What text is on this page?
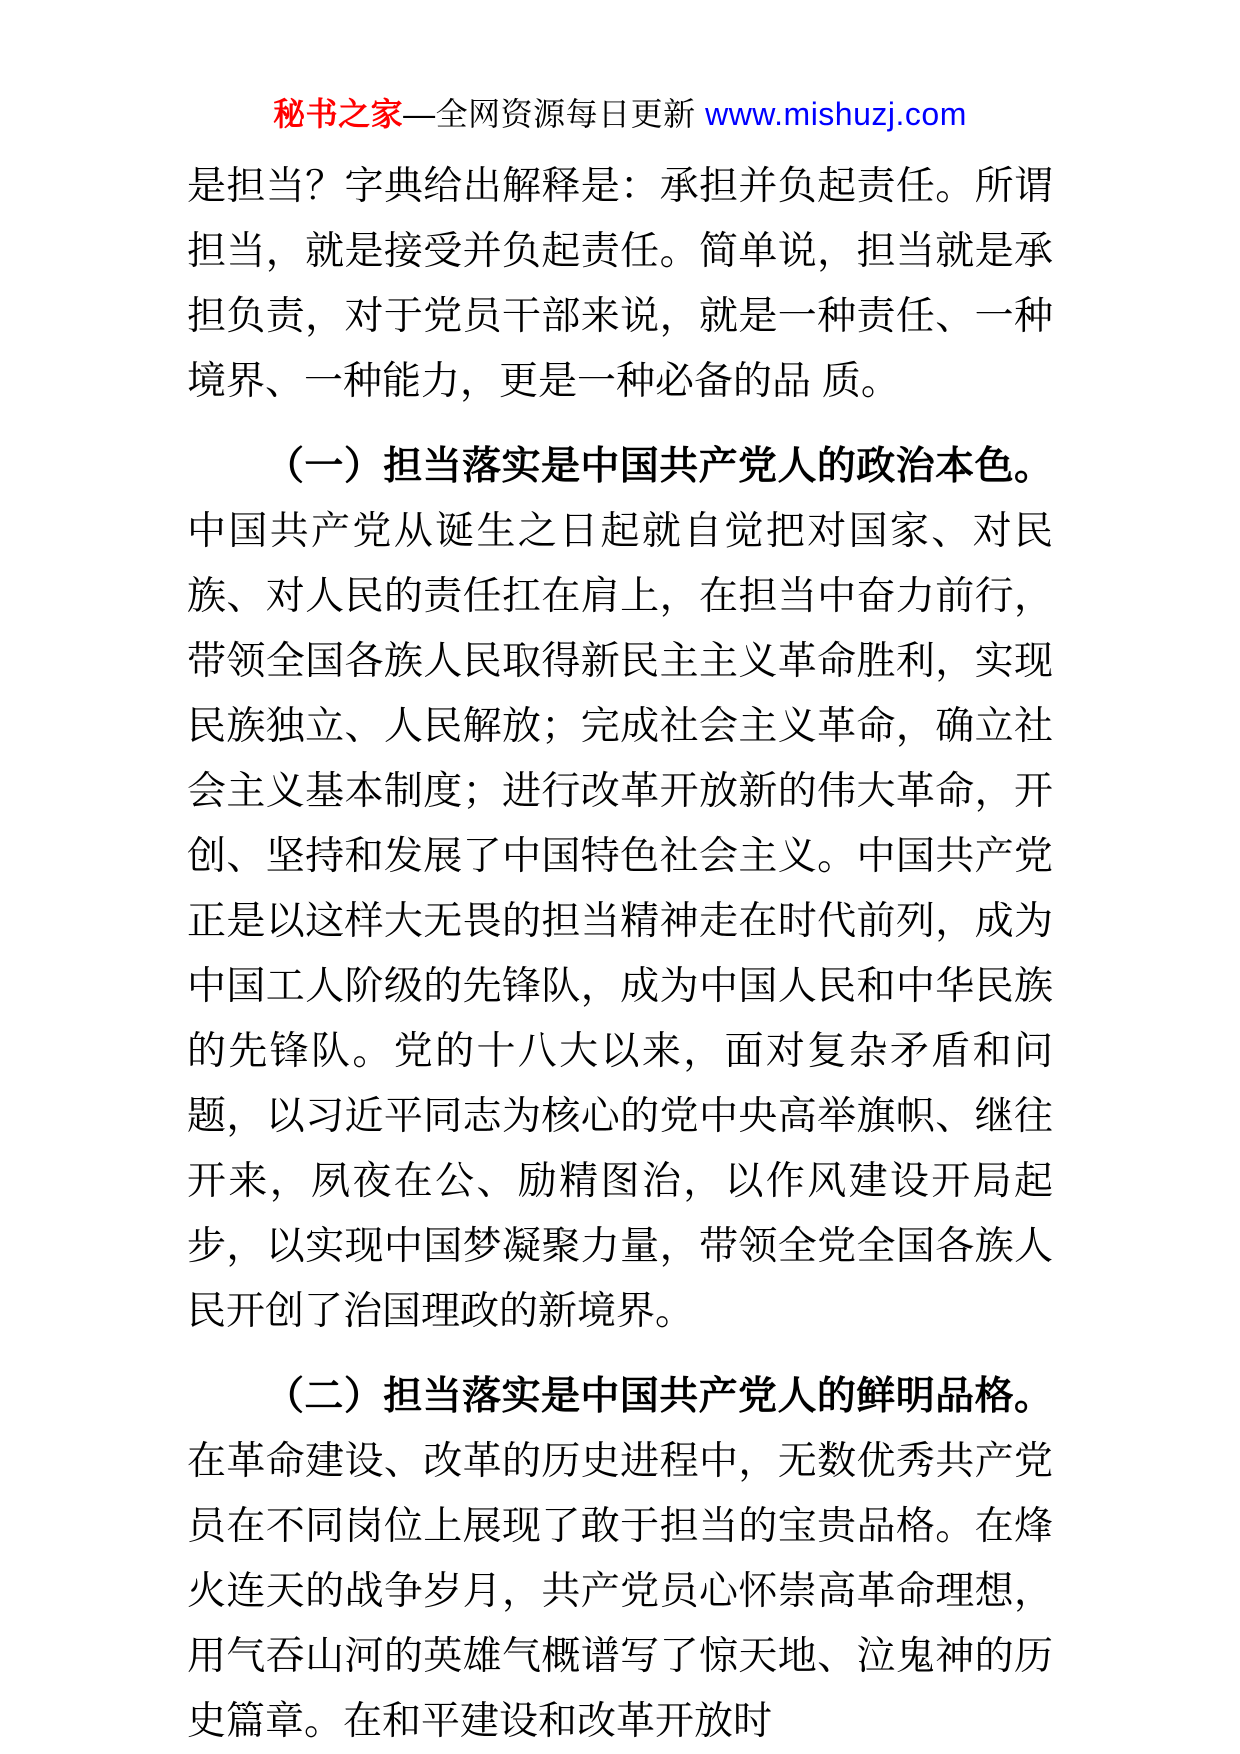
秘书之家—全网资源每日更新 www.mishuzj.com

是担当？字典给出解释是：承担并负起责任。所谓担当，就是接受并负起责任。简单说，担当就是承担负责，对于党员干部来说，就是一种责任、一种境界、一种能力，更是一种必备的品 质。

（一）担当落实是中国共产党人的政治本色。中国共产党从诞生之日起就自觉把对国家、对民族、对人民的责任扛在肩上，在担当中奋力前行，带领全国各族人民取得新民主主义革命胜利，实现民族独立、人民解放；完成社会主义革命，确立社会主义基本制度；进行改革开放新的伟大革命，开创、坚持和发展了中国特色社会主义。中国共产党正是以这样大无畏的担当精神走在时代前列，成为中国工人阶级的先锋队，成为中国人民和中华民族的先锋队。党的十八大以来，面对复杂矛盾和问题，以习近平同志为核心的党中央高举旗帜、继往开来，夙夜在公、励精图治，以作风建设开局起步，以实现中国梦凝聚力量，带领全党全国各族人民开创了治国理政的新境界。

（二）担当落实是中国共产党人的鲜明品格。在革命建设、改革的历史进程中，无数优秀共产党员在不同岗位上展现了敢于担当的宝贵品格。在烽火连天的战争岁月，共产党员心怀崇高革命理想，用气吞山河的英雄气概谱写了惊天地、泣鬼神的历史篇章。在和平建设和改革开放时
